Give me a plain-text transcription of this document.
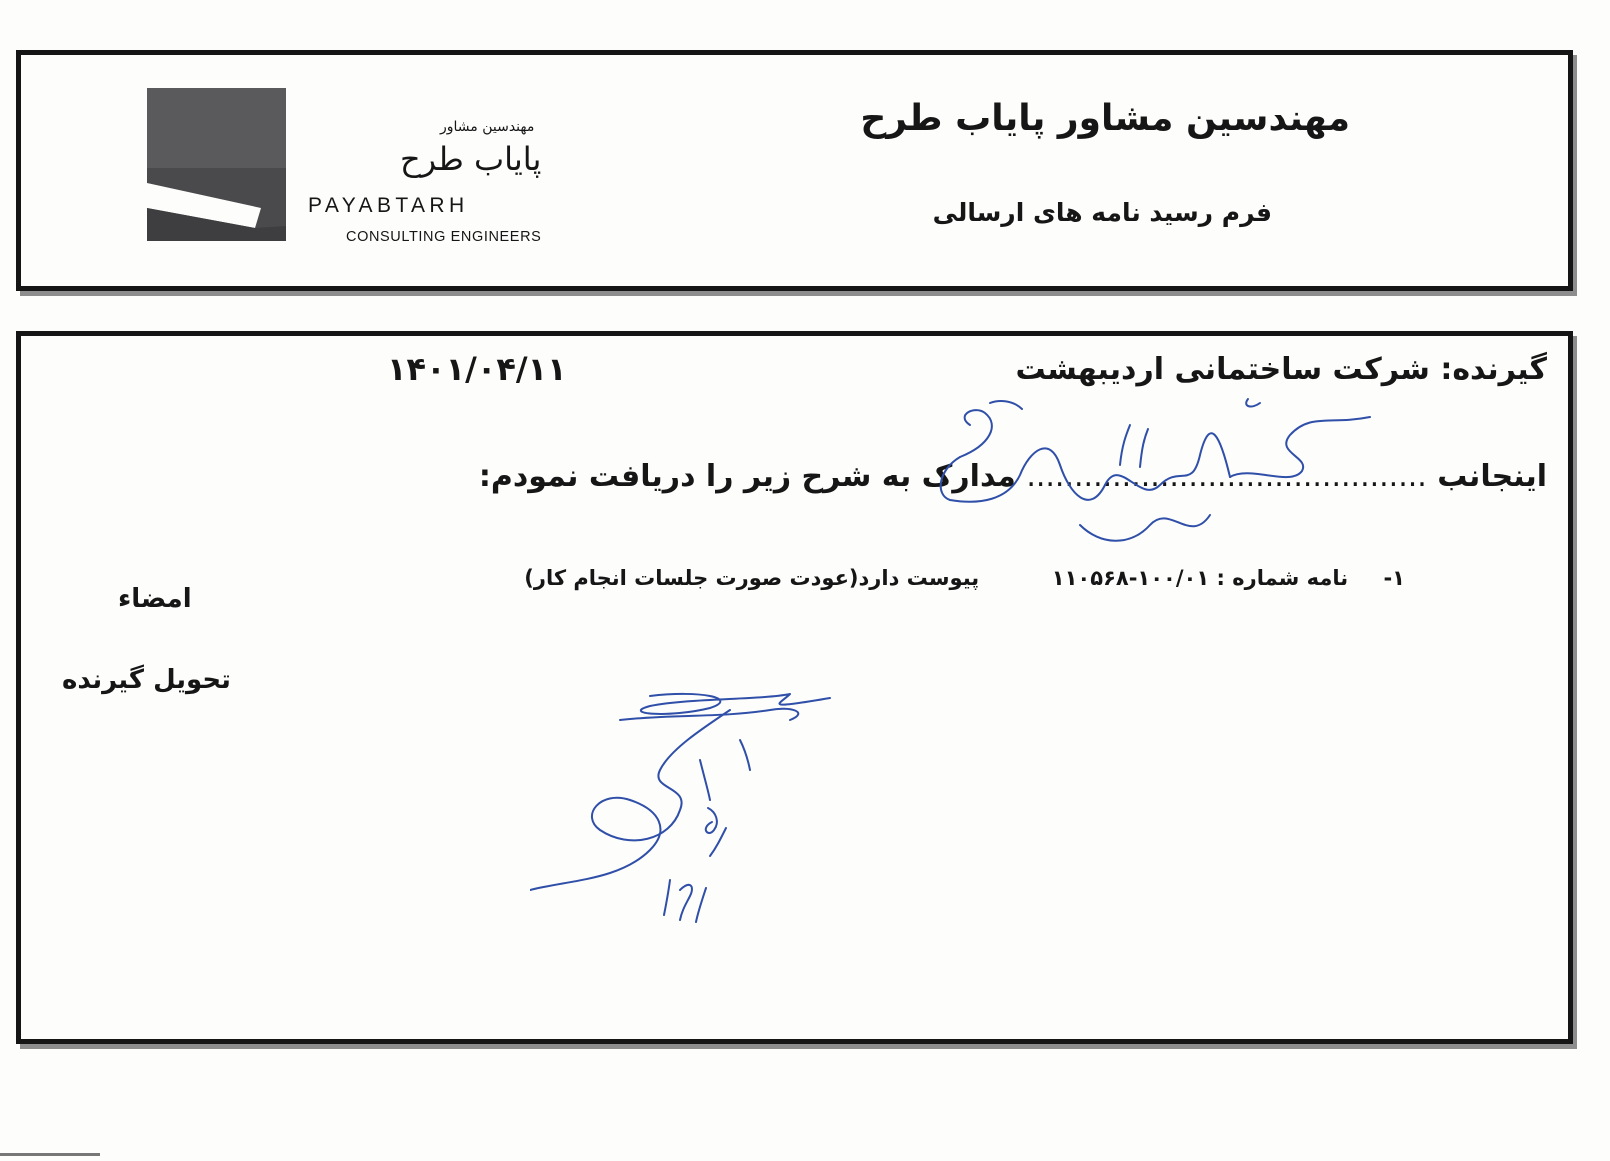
مهندسین مشاور پایاب طرح
فرم رسید نامه های ارسالی
مهندسین مشاور
پایاب طرح
PAYABTARH
CONSULTING ENGINEERS
گیرنده: شرکت ساختمانی اردیبهشت
۱۴۰۱/۰۴/۱۱
اینجانب .......................................... مدارک به شرح زیر را دریافت نمودم:
۱- نامه شماره : ۱۰۰/۰۱-۱۱۰۵۶۸  پیوست دارد(عودت صورت جلسات انجام کار)
امضاء
تحویل گیرنده
